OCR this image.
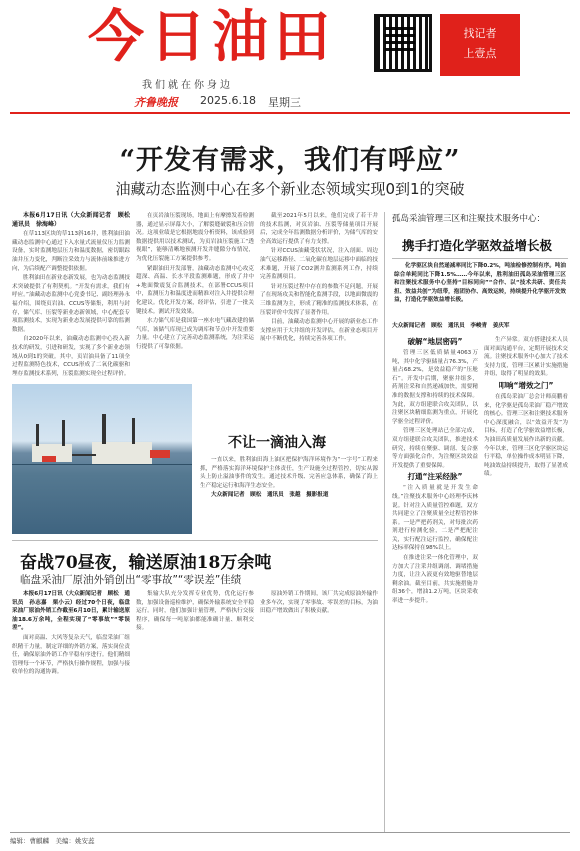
今日油田
我们就在你身边
齐鲁晚报 2025.6.18 星期三
找记者
上壹点
“开发有需求，我们有呼应”
油藏动态监测中心在多个新业态领域实现0到1的突破

本报6月17日讯（大众新闻记者　顾松　通讯员　徐海峰）

在草113区块的草113斜16井，胜利油田油藏动态监测中心通过下入水量式流量仪压力监测设备，实时监测地层压力和温度数据，密切跟踪油井压力变化，判断注采效力与流体前缘推进方向，为后续配产调整提供依据。

胜利油田在新业态新发展，也为动态监测技术突破提供了有利契机。“开发有需求，我们有呼应。”油藏动态监测中心党委书记、副经理孙永福介绍，围绕页岩油、CCUS等储集，利用与封存，储气库、压裂等新业态新领域，中心配套专项监测技术，实现为新业态发展提供可靠的监测数据。

自2020年以来，油藏动态监测中心投入新技术的研发，引进和研发，实现了多个新业态领域从0到1的突破。其中，页岩油具备了11项全过程监测特色技术，CCUS形成了二氧化碳驱和埋存监测技术系列，压裂监测实现全过程评价。

在页岩油压裂现场，地面上有摩擦发着检测器，通过显示屏幕大小，了解裂缝破裂和压合情况。这项业绩是它根据地震分析资料，该成验到数据提供用以技术测试，为页岩油压裂施工“透视眼”，能够清晰地预测开发井缝隙分布情况，为优化压裂施工方案提供参考。

紧跟油田开发部署，油藏动态监测中心攻克超深、高温、长水平段监测难题，形成了井中+地面微震复合监测技术，在部署CCUS项目中，监测压力和温度进而精准对注入井提供合理化建议。优化开发方案，经评估，引进了一批关键技术。测试开发效果。

水力储气库是我国第一座水电气藏改建的储气库，该储气库现已成为调库和节点中开发重要力量。中心建立了完善动态监测系统，为注采运行提供了可靠依据。

截至2021年5月以来，他们完成了若干井的技术监测，对页岩油、压裂等储量项目开展后，完成全年监测数据分析评价，为储气库的安全高效运行提供了有力支撑。

针对CCUS油藏受状状况，注入剖面、周边油气运移路径、二氧化碳在地层运移中面临的技术难题，开展了CO2测井监测系列工作，持续完善监测项目。

针对压裂过程中存在的参数不足问题，开展了在现场攻关和智能化监测手段，以地面微震的三维监测为主，形成了精准的监测技术体系，在压裂评价中发挥了显著作用。

目前，油藏动态监测中心开展的新业态工作支撑应用于大井组的开发评估，在新业态项目开展中不断优化，持续完善各项工作。

不让一滴油入海

一直以来，胜利油田海上油区把保护海洋环境作为“一字号”工程来抓，严格落实海洋环境保护主体责任，生产设施全过程管控，切实从源头上防止溢油事件的发生。通过技术升级、完善应急体系，确保了海上生产稳定运行和海洋生态安全。

大众新闻记者　顾松　通讯员　张越　摄影报道

奋战70昼夜，输送原油18万余吨
临盘采油厂原油外销创出“零事故”“零误差”佳绩

本报6月17日讯（大众新闻记者　顾松　通讯员　孙志嘉　栗小云）经过70个日夜，临盘采油厂原油外销工作截至6月10日，累计输送原油18.6万余吨，全程实现了“零事故”“零误差”。

面对高温、大风等复杂天气，临盘采油厂组织精干力量，制定详细的外销方案，落实岗位责任，确保原油外销工作平稳有序进行。他们精细管理每一个环节，严格执行操作规程，加强与接收单位的沟通协调。

集输大队充分发挥专业优势，优化运行参数，加强设备巡检维护，确保外输系统安全平稳运行。同时，他们加强计量管理，严格执行交接程序，确保每一吨原油都能准确计量、顺利交接。

原油外销工作期间，该厂共完成原油外输作业多车次，实现了零事故、零误差的目标，为油田稳产增效做出了积极贡献。

孤岛采油管理三区和注聚技术服务中心：
携手打造化学驱效益增长极

化学驱区块自然递减率同比下降0.2%，吨油检修控制有序。吨油综合单耗同比下降1.5%……今年以来，胜利油田孤岛采油管理三区和注聚技术服务中心坚持“目标同向”“合作、以“技术共研、责任共担、效益共创”为纽带，抱团协作、高效运转，持续提升化学驱开发效益，打造化学驱效益增长极。

大众新闻记者　顾松　通讯员　李峻青　姜庆军

破解“地层密码”

管理三区低质储量4063万吨，其中化学驱储量占76.3%，产量占68.2%，是效益稳产的“压舱石”。开发中后期，聚驱井组多，药剂注采和自然递减加快，需要精准的数据支撑和持续的技术保障。为此，双方组建联合攻关团队，以注聚区块精细监测为重点，开展化学驱全过程评价。

管理三区处理站已全部完成，双方组建联合攻关团队，推进技术研究，持续在聚驱、调剖、复合驱等方面强化合作，为注聚区块效益开发提供了重要保障。

打通“注采经脉”

“注入质量就是开发生命线。”注聚技术服务中心经理李庆林说。针对注入质量管控难题，双方共同建立了注聚质量全过程管控体系。一是严把药剂关，对每批次药剂进行检测化验，二是严把配注关，实行配注运行监控，确保配注达标率保持在98%以上。

在推进注采一体化管理中，双方加大了注采井组调剖、调堵措施力度，让注入液更有效地驱替地层剩余油。截至目前，共实施措施井组36个，增油1.2万吨，区块采收率进一步提升。

生产异常。双方搭建技术人员面对面沟通平台，定期开展技术交流。注聚技术服务中心加大了技术支持力度，管理三区累计实施措施井组，取得了明显的效果。

叩响“增效之门”

在孤岛采油厂总会计师高鹏看来，化学驱是孤岛采油厂稳产增效的核心。管理三区和注聚技术服务中心深度融合，以“效益开发”为目标，打造了化学驱效益增长极，为油田高质量发展作出新的贡献。今年以来，管理三区化学驱区块运行平稳，单位操作成本明显下降，吨油效益持续提升，取得了显著成绩。

编辑：曹麒麟　美编：姚安蕊
